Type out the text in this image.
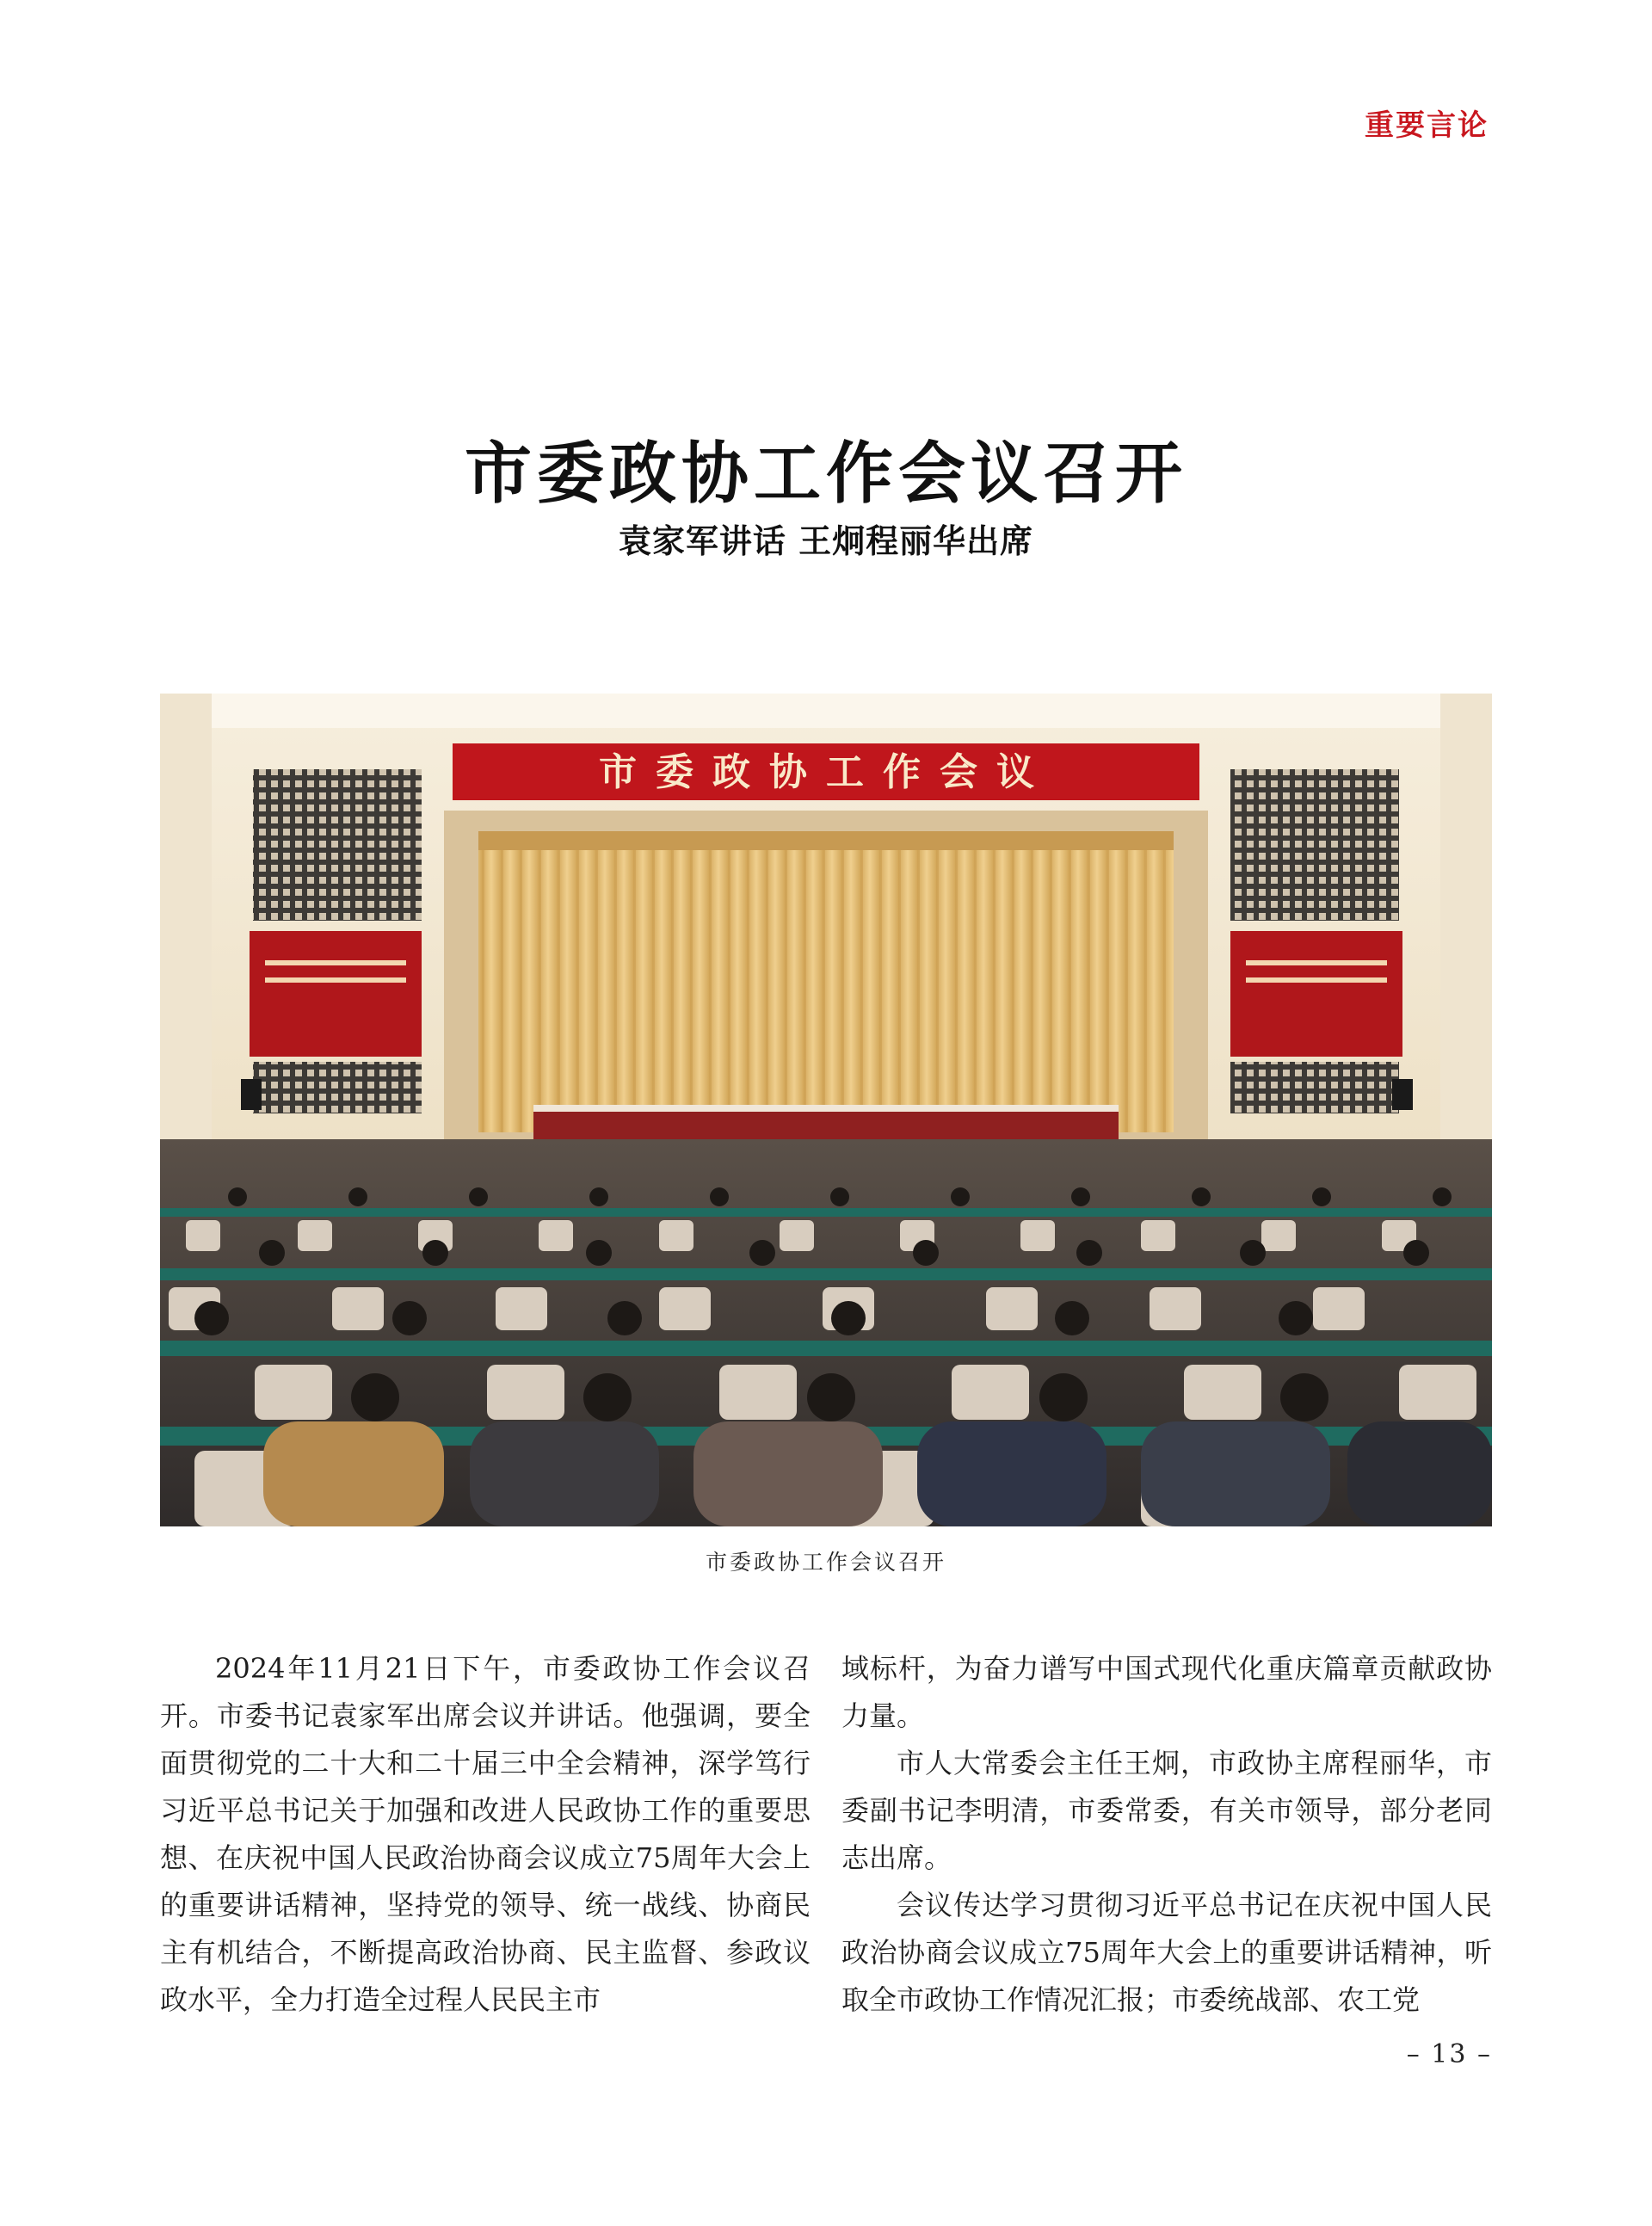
重要言论
市委政协工作会议召开
袁家军讲话 王炯程丽华出席
市委政协工作会议
市委政协工作会议召开

2024年11月21日下午，市委政协工作会议召开。市委书记袁家军出席会议并讲话。他强调，要全面贯彻党的二十大和二十届三中全会精神，深学笃行习近平总书记关于加强和改进人民政协工作的重要思想、在庆祝中国人民政治协商会议成立75周年大会上的重要讲话精神，坚持党的领导、统一战线、协商民主有机结合，不断提高政治协商、民主监督、参政议政水平，全力打造全过程人民民主市

域标杆，为奋力谱写中国式现代化重庆篇章贡献政协力量。

市人大常委会主任王炯，市政协主席程丽华，市委副书记李明清，市委常委，有关市领导，部分老同志出席。

会议传达学习贯彻习近平总书记在庆祝中国人民政治协商会议成立75周年大会上的重要讲话精神，听取全市政协工作情况汇报；市委统战部、农工党

– 13 –
